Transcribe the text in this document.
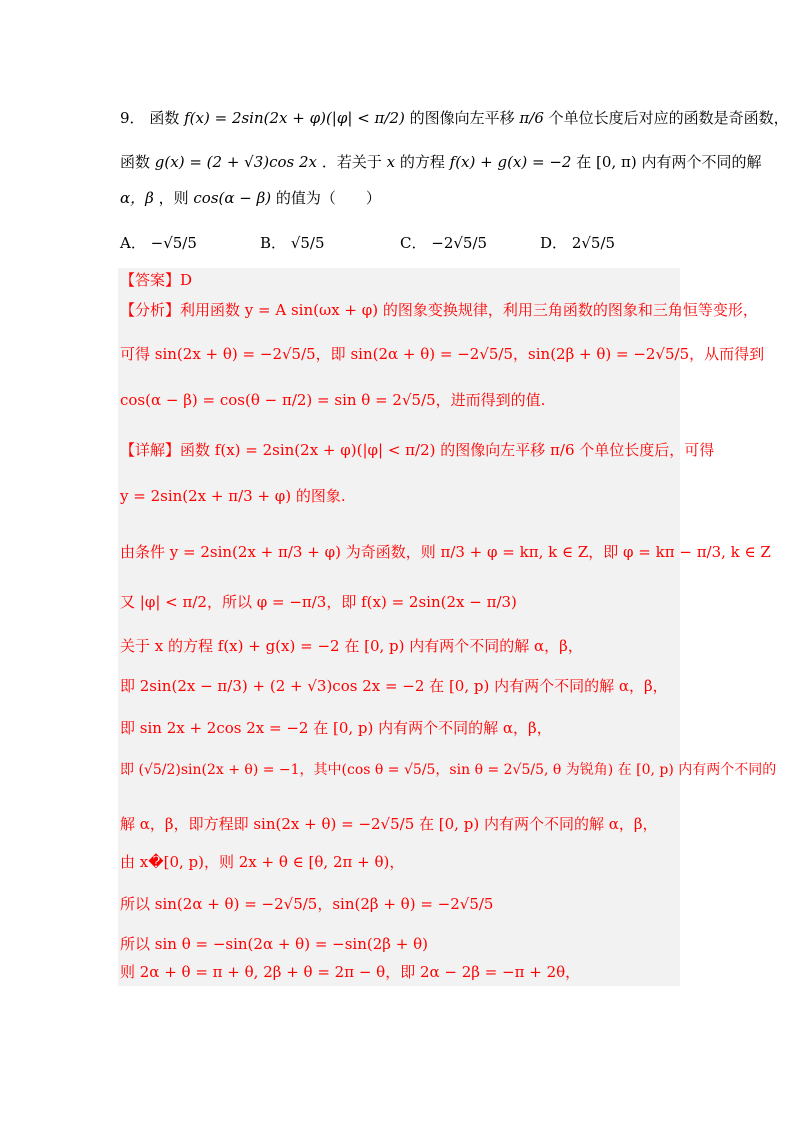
9． 函数 f(x) = 2sin(2x + φ)(|φ| < π/2) 的图像向左平移 π/6 个单位长度后对应的函数是奇函数，
函数 g(x) = (2 + √3)cos 2x ．若关于 x 的方程 f(x) + g(x) = −2 在 [0, π) 内有两个不同的解
α，β ，则 cos(α − β) 的值为（　　）
A． −√5/5	B． √5/5	C． −2√5/5	D． 2√5/5
【答案】D
【分析】利用函数 y = A sin(ωx + φ) 的图象变换规律，利用三角函数的图象和三角恒等变形，
可得 sin(2x + θ) = −2√5/5，即 sin(2α + θ) = −2√5/5，sin(2β + θ) = −2√5/5，从而得到
cos(α − β) = cos(θ − π/2) = sin θ = 2√5/5，进而得到的值.
【详解】函数 f(x) = 2sin(2x + φ)(|φ| < π/2) 的图像向左平移 π/6 个单位长度后，可得
y = 2sin(2x + π/3 + φ) 的图象.
由条件 y = 2sin(2x + π/3 + φ) 为奇函数，则 π/3 + φ = kπ, k ∈ Z，即 φ = kπ − π/3, k ∈ Z
又 |φ| < π/2，所以 φ = −π/3，即 f(x) = 2sin(2x − π/3)
关于 x 的方程 f(x) + g(x) = −2 在 [0, p) 内有两个不同的解 α，β，
即 2sin(2x − π/3) + (2 + √3)cos 2x = −2 在 [0, p) 内有两个不同的解 α，β，
即 sin 2x + 2cos 2x = −2 在 [0, p) 内有两个不同的解 α，β，
即 (√5/2)sin(2x + θ) = −1，其中(cos θ = √5/5，sin θ = 2√5/5, θ 为锐角) 在 [0, p) 内有两个不同的
解 α，β，即方程即 sin(2x + θ) = −2√5/5 在 [0, p) 内有两个不同的解 α，β，
由 x�[0, p)，则 2x + θ ∈ [θ, 2π + θ)，
所以 sin(2α + θ) = −2√5/5，sin(2β + θ) = −2√5/5
所以 sin θ = −sin(2α + θ) = −sin(2β + θ)
则 2α + θ = π + θ, 2β + θ = 2π − θ，即 2α − 2β = −π + 2θ，
